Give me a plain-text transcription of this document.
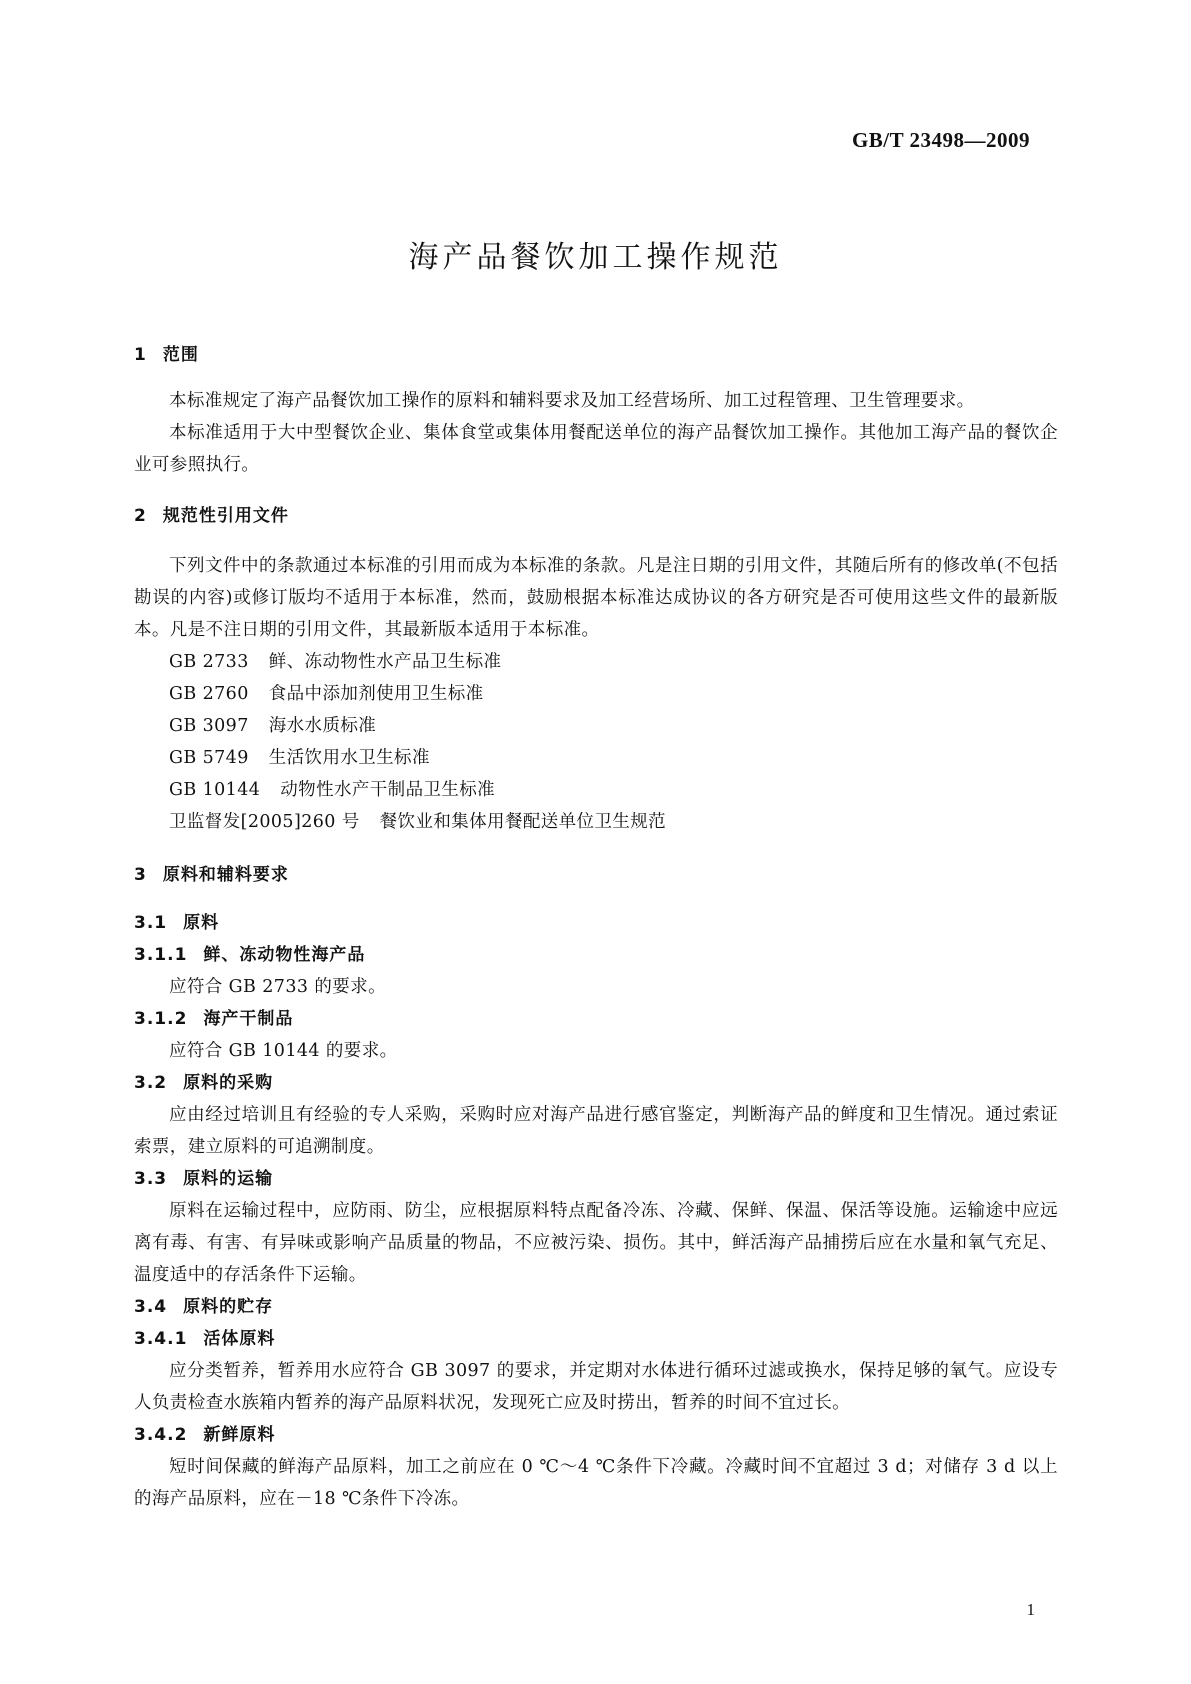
GB/T 23498—2009
海产品餐饮加工操作规范
1 范围

本标准规定了海产品餐饮加工操作的原料和辅料要求及加工经营场所、加工过程管理、卫生管理要求。

本标准适用于大中型餐饮企业、集体食堂或集体用餐配送单位的海产品餐饮加工操作。其他加工海产品的餐饮企业可参照执行。

2 规范性引用文件

下列文件中的条款通过本标准的引用而成为本标准的条款。凡是注日期的引用文件，其随后所有的修改单(不包括勘误的内容)或修订版均不适用于本标准，然而，鼓励根据本标准达成协议的各方研究是否可使用这些文件的最新版本。凡是不注日期的引用文件，其最新版本适用于本标准。

GB 2733 鲜、冻动物性水产品卫生标准
GB 2760 食品中添加剂使用卫生标准
GB 3097 海水水质标准
GB 5749 生活饮用水卫生标准
GB 10144 动物性水产干制品卫生标准
卫监督发[2005]260 号 餐饮业和集体用餐配送单位卫生规范
3 原料和辅料要求
3.1 原料
3.1.1 鲜、冻动物性海产品

应符合 GB 2733 的要求。

3.1.2 海产干制品

应符合 GB 10144 的要求。

3.2 原料的采购

应由经过培训且有经验的专人采购，采购时应对海产品进行感官鉴定，判断海产品的鲜度和卫生情况。通过索证索票，建立原料的可追溯制度。

3.3 原料的运输

原料在运输过程中，应防雨、防尘，应根据原料特点配备冷冻、冷藏、保鲜、保温、保活等设施。运输途中应远离有毒、有害、有异味或影响产品质量的物品，不应被污染、损伤。其中，鲜活海产品捕捞后应在水量和氧气充足、温度适中的存活条件下运输。

3.4 原料的贮存
3.4.1 活体原料

应分类暂养，暂养用水应符合 GB 3097 的要求，并定期对水体进行循环过滤或换水，保持足够的氧气。应设专人负责检查水族箱内暂养的海产品原料状况，发现死亡应及时捞出，暂养的时间不宜过长。

3.4.2 新鲜原料

短时间保藏的鲜海产品原料，加工之前应在 0 ℃～4 ℃条件下冷藏。冷藏时间不宜超过 3 d；对储存 3 d 以上的海产品原料，应在－18 ℃条件下冷冻。

1
